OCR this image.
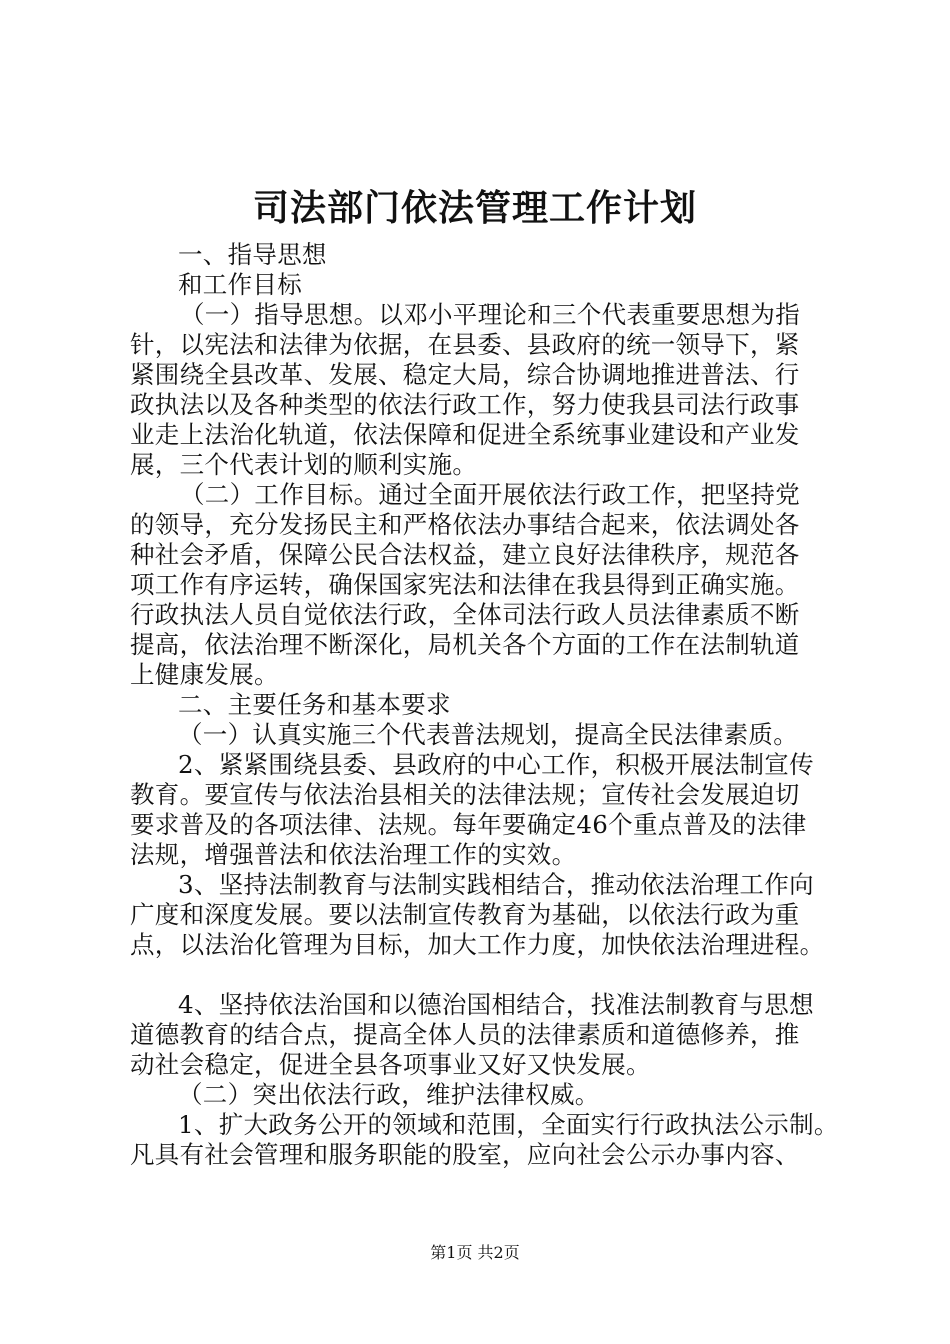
司法部门依法管理工作计划
一、指导思想
和工作目标
（一）指导思想。以邓小平理论和三个代表重要思想为指
针，以宪法和法律为依据，在县委、县政府的统一领导下，紧
紧围绕全县改革、发展、稳定大局，综合协调地推进普法、行
政执法以及各种类型的依法行政工作，努力使我县司法行政事
业走上法治化轨道，依法保障和促进全系统事业建设和产业发
展，三个代表计划的顺利实施。
（二）工作目标。通过全面开展依法行政工作，把坚持党
的领导，充分发扬民主和严格依法办事结合起来，依法调处各
种社会矛盾，保障公民合法权益，建立良好法律秩序，规范各
项工作有序运转，确保国家宪法和法律在我县得到正确实施。
行政执法人员自觉依法行政，全体司法行政人员法律素质不断
提高，依法治理不断深化，局机关各个方面的工作在法制轨道
上健康发展。
二、主要任务和基本要求
（一）认真实施三个代表普法规划，提高全民法律素质。
2、紧紧围绕县委、县政府的中心工作，积极开展法制宣传
教育。要宣传与依法治县相关的法律法规；宣传社会发展迫切
要求普及的各项法律、法规。每年要确定46个重点普及的法律
法规，增强普法和依法治理工作的实效。
3、坚持法制教育与法制实践相结合，推动依法治理工作向
广度和深度发展。要以法制宣传教育为基础，以依法行政为重
点，以法治化管理为目标，加大工作力度，加快依法治理进程。
4、坚持依法治国和以德治国相结合，找准法制教育与思想
道德教育的结合点，提高全体人员的法律素质和道德修养，推
动社会稳定，促进全县各项事业又好又快发展。
（二）突出依法行政，维护法律权威。
1、扩大政务公开的领域和范围，全面实行行政执法公示制。
凡具有社会管理和服务职能的股室，应向社会公示办事内容、
第1页 共2页
